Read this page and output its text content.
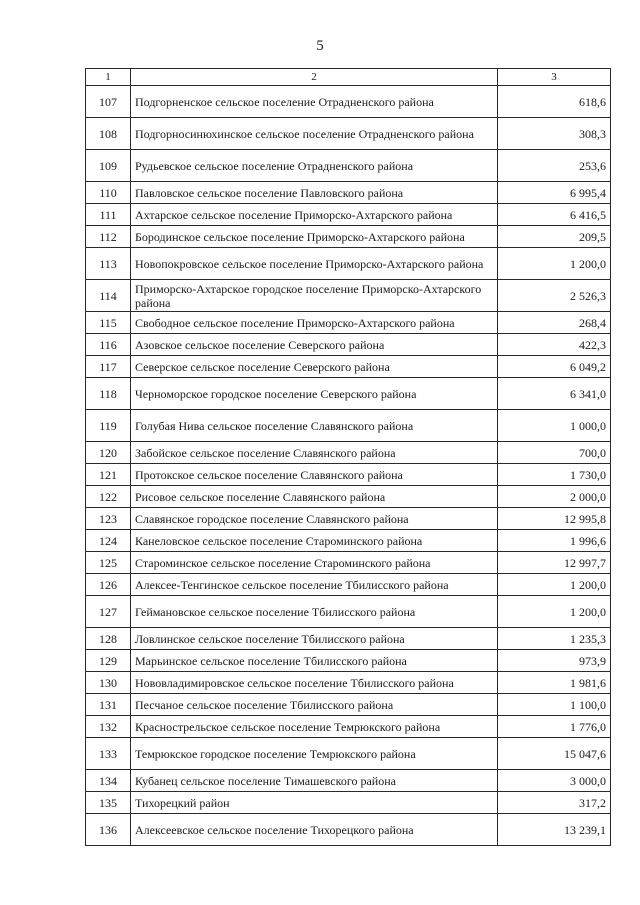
5
1	2	3
107	Подгорненское сельское поселение Отрадненского района	618,6
108	Подгорносинюхинское сельское поселение Отрадненского района	308,3
109	Рудьевское сельское поселение Отрадненского района	253,6
110	Павловское сельское поселение Павловского района	6 995,4
111	Ахтарское сельское поселение Приморско-Ахтарского района	6 416,5
112	Бородинское сельское поселение Приморско-Ахтарского района	209,5
113	Новопокровское сельское поселение Приморско-Ахтарского района	1 200,0
114	Приморско-Ахтарское городское поселение Приморско-Ахтарского района	2 526,3
115	Свободное сельское поселение Приморско-Ахтарского района	268,4
116	Азовское сельское поселение Северского района	422,3
117	Северское сельское поселение Северского района	6 049,2
118	Черноморское городское поселение Северского района	6 341,0
119	Голубая Нива сельское поселение Славянского района	1 000,0
120	Забойское сельское поселение Славянского района	700,0
121	Протокское сельское поселение Славянского района	1 730,0
122	Рисовое сельское поселение Славянского района	2 000,0
123	Славянское городское поселение Славянского района	12 995,8
124	Канеловское сельское поселение Староминского района	1 996,6
125	Староминское сельское поселение Староминского района	12 997,7
126	Алексее-Тенгинское сельское поселение Тбилисского района	1 200,0
127	Геймановское сельское поселение Тбилисского района	1 200,0
128	Ловлинское сельское поселение Тбилисского района	1 235,3
129	Марьинское сельское поселение Тбилисского района	973,9
130	Нововладимировское сельское поселение Тбилисского района	1 981,6
131	Песчаное сельское поселение Тбилисского района	1 100,0
132	Краснострельское сельское поселение Темрюкского района	1 776,0
133	Темрюкское городское поселение Темрюкского района	15 047,6
134	Кубанец сельское поселение Тимашевского района	3 000,0
135	Тихорецкий район	317,2
136	Алексеевское сельское поселение Тихорецкого района	13 239,1
